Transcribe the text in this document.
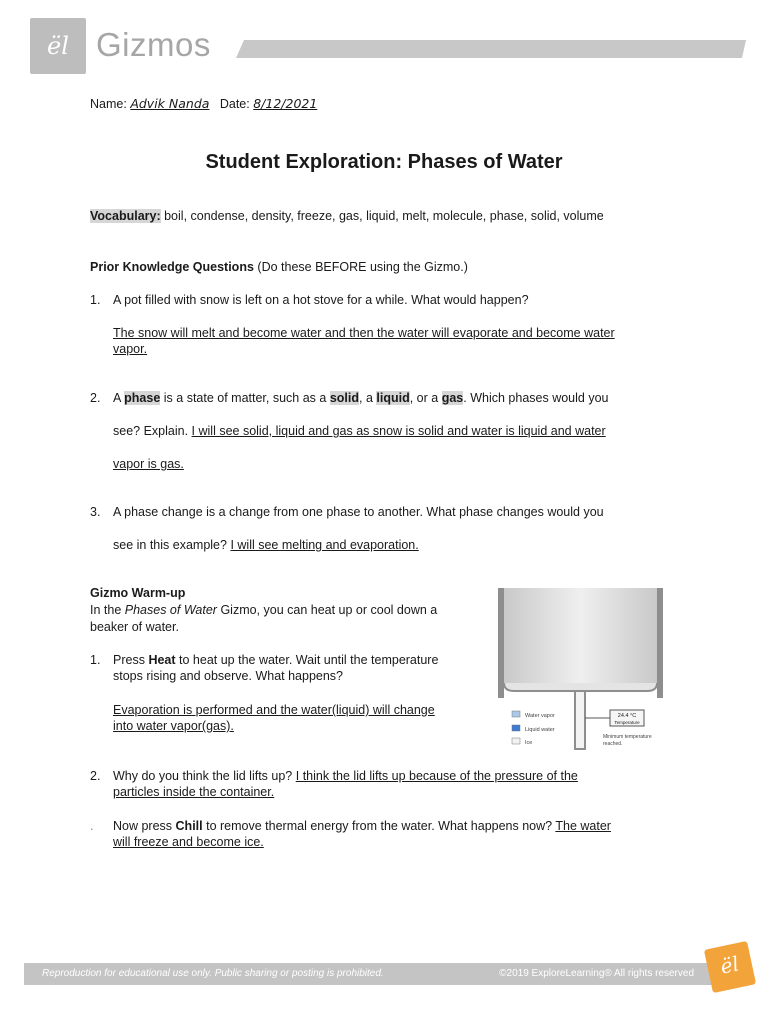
ël Gizmos
Name: Advik Nanda Date: 8/12/2021
Student Exploration: Phases of Water
Vocabulary: boil, condense, density, freeze, gas, liquid, melt, molecule, phase, solid, volume
Prior Knowledge Questions (Do these BEFORE using the Gizmo.)
1.	A pot filled with snow is left on a hot stove for a while. What would happen?
The snow will melt and become water and then the water will evaporate and become water
vapor.
2.	A phase is a state of matter, such as a solid, a liquid, or a gas. Which phases would you
see? Explain. I will see solid, liquid and gas as snow is solid and water is liquid and water
vapor is gas.
3.	A phase change is a change from one phase to another. What phase changes would you
see in this example? I will see melting and evaporation.
Gizmo Warm-up
In the Phases of Water Gizmo, you can heat up or cool down a
beaker of water.
1.	Press Heat to heat up the water. Wait until the temperature
stops rising and observe. What happens?
Evaporation is performed and the water(liquid) will change
into water vapor(gas).
Water vapor
Liquid water
Ice
24.4 °C
Temperature
Minimum temperature
reached.
2.	Why do you think the lid lifts up? I think the lid lifts up because of the pressure of the
particles inside the container.
.	Now press Chill to remove thermal energy from the water. What happens now? The water
will freeze and become ice.
Reproduction for educational use only. Public sharing or posting is prohibited.	©2019 ExploreLearning® All rights reserved	ël
